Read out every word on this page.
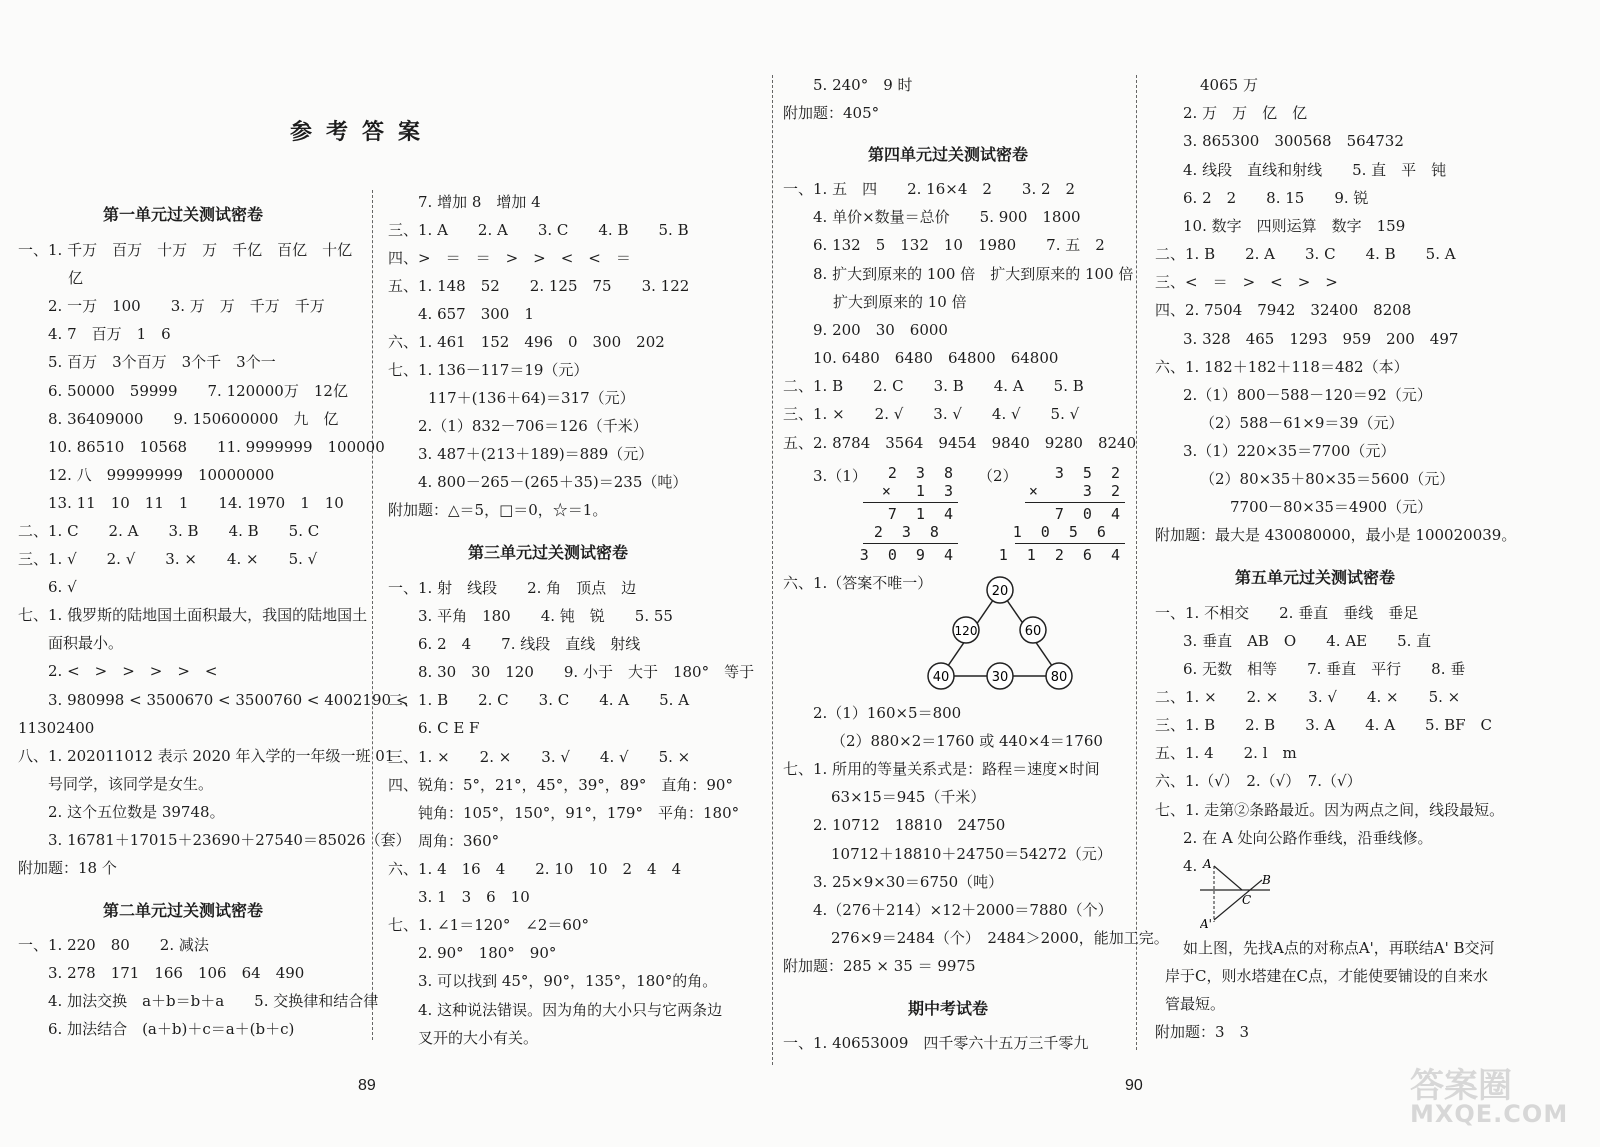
参考答案
第一单元过关测试密卷
一、1. 千万　百万　十万　万　千亿　百亿　十亿
亿
2. 一万　100　　3. 万　万　千万　千万
4. 7　百万　1　6
5. 百万　3个百万　3个千　3个一
6. 50000　59999　　7. 120000万　12亿
8. 36409000　　9. 150600000　九　亿
10. 86510　10568　　11. 9999999　100000
12. 八　99999999　10000000
13. 11　10　11　1　　14. 1970　1　10
二、1. C　　2. A　　3. B　　4. B　　5. C
三、1. √　　2. √　　3. ×　　4. ×　　5. √
6. √
七、1. 俄罗斯的陆地国土面积最大，我国的陆地国土
面积最小。
2. <　>　>　>　>　<
3. 980998 < 3500670 < 3500760 < 4002190 <
11302400
八、1. 202011012 表示 2020 年入学的一年级一班 01
号同学，该同学是女生。
2. 这个五位数是 39748。
3. 16781＋17015＋23690＋27540＝85026（套）
附加题：18 个
第二单元过关测试密卷
一、1. 220　80　　2. 减法
3. 278　171　166　106　64　490
4. 加法交换　a＋b＝b＋a　　5. 交换律和结合律
6. 加法结合　(a＋b)＋c＝a＋(b＋c)
7. 增加 8　增加 4
三、1. A　　2. A　　3. C　　4. B　　5. B
四、>　＝　＝　>　>　<　<　＝
五、1. 148　52　　2. 125　75　　3. 122
4. 657　300　1
六、1. 461　152　496　0　300　202
七、1. 136－117＝19（元）
117＋(136＋64)＝317（元）
2.（1）832－706＝126（千米）
3. 487＋(213＋189)＝889（元）
4. 800－265－(265＋35)＝235（吨）
附加题：△＝5，□＝0，☆＝1。
第三单元过关测试密卷
一、1. 射　线段　　2. 角　顶点　边
3. 平角　180　　4. 钝　锐　　5. 55
6. 2　4　　7. 线段　直线　射线
8. 30　30　120　　9. 小于　大于　180°　等于
二、1. B　　2. C　　3. C　　4. A　　5. A
6. C E F
三、1. ×　　2. ×　　3. √　　4. √　　5. ×
四、锐角：5°，21°，45°，39°，89°　直角：90°
钝角：105°，150°，91°，179°　平角：180°
周角：360°
六、1. 4　16　4　　2. 10　10　2　4　4
3. 1　3　6　10
七、1. ∠1＝120°　∠2＝60°
2. 90°　180°　90°
3. 可以找到 45°，90°，135°，180°的角。
4. 这种说法错误。因为角的大小只与它两条边
叉开的大小有关。
5. 240°　9 时
附加题：405°
第四单元过关测试密卷
一、1. 五　四　　2. 16×4　2　　3. 2　2
4. 单价×数量＝总价　　5. 900　1800
6. 132　5　132　10　1980　　7. 五　2
8. 扩大到原来的 100 倍　扩大到原来的 100 倍
扩大到原来的 10 倍
9. 200　30　6000
10. 6480　6480　64800　64800
二、1. B　　2. C　　3. B　　4. A　　5. B
三、1. ×　　2. √　　3. √　　4. √　　5. √
五、2. 8784　3564　9454　9840　9280　8240
3.（1） 2 3 8
×　1 3
7 1 4
2 3 8
3 0 9 4
（2） 3 5 2
×　　3 2
7 0 4
1 0 5 6
1 1 2 6 4
六、1.（答案不唯一）	20
120	60
40	30	80
2.（1）160×5＝800
（2）880×2＝1760 或 440×4＝1760
七、1. 所用的等量关系式是：路程＝速度×时间
63×15＝945（千米）
2. 10712　18810　24750
10712＋18810＋24750＝54272（元）
3. 25×9×30＝6750（吨）
4.（276＋214）×12＋2000＝7880（个）
276×9＝2484（个）　2484＞2000，能加工完。
附加题：285 × 35 ＝ 9975
期中考试卷
一、1. 40653009　四千零六十五万三千零九
4065 万
2. 万　万　亿　亿
3. 865300　300568　564732
4. 线段　直线和射线　　5. 直　平　钝
6. 2　2　　8. 15　　9. 锐
10. 数字　四则运算　数字　159
二、1. B　　2. A　　3. C　　4. B　　5. A
三、<　＝　>　<　>　>
四、2. 7504　7942　32400　8208
3. 328　465　1293　959　200　497
六、1. 182＋182＋118＝482（本）
2.（1）800－588－120＝92（元）
（2）588－61×9＝39（元）
3.（1）220×35＝7700（元）
（2）80×35＋80×35＝5600（元）
7700－80×35＝4900（元）
附加题：最大是 430080000，最小是 100020039。
第五单元过关测试密卷
一、1. 不相交　　2. 垂直　垂线　垂足
3. 垂直　AB　O　　4. AE　　5. 直
6. 无数　相等　　7. 垂直　平行　　8. 垂
二、1. ×　　2. ×　　3. √　　4. ×　　5. ×
三、1. B　　2. B　　3. A　　4. A　　5. BF　C
五、1. 4　　2. l　m
六、1.（√）　2.（√）　7.（√）
七、1. 走第②条路最近。因为两点之间，线段最短。
2. 在 A 处向公路作垂线，沿垂线修。
4. A
B
C
A'
如上图，先找A点的对称点A'，再联结A' B交河
岸于C，则水塔建在C点，才能使要铺设的自来水
管最短。
附加题：3　3
89	90	答案圈
MXQE.COM
